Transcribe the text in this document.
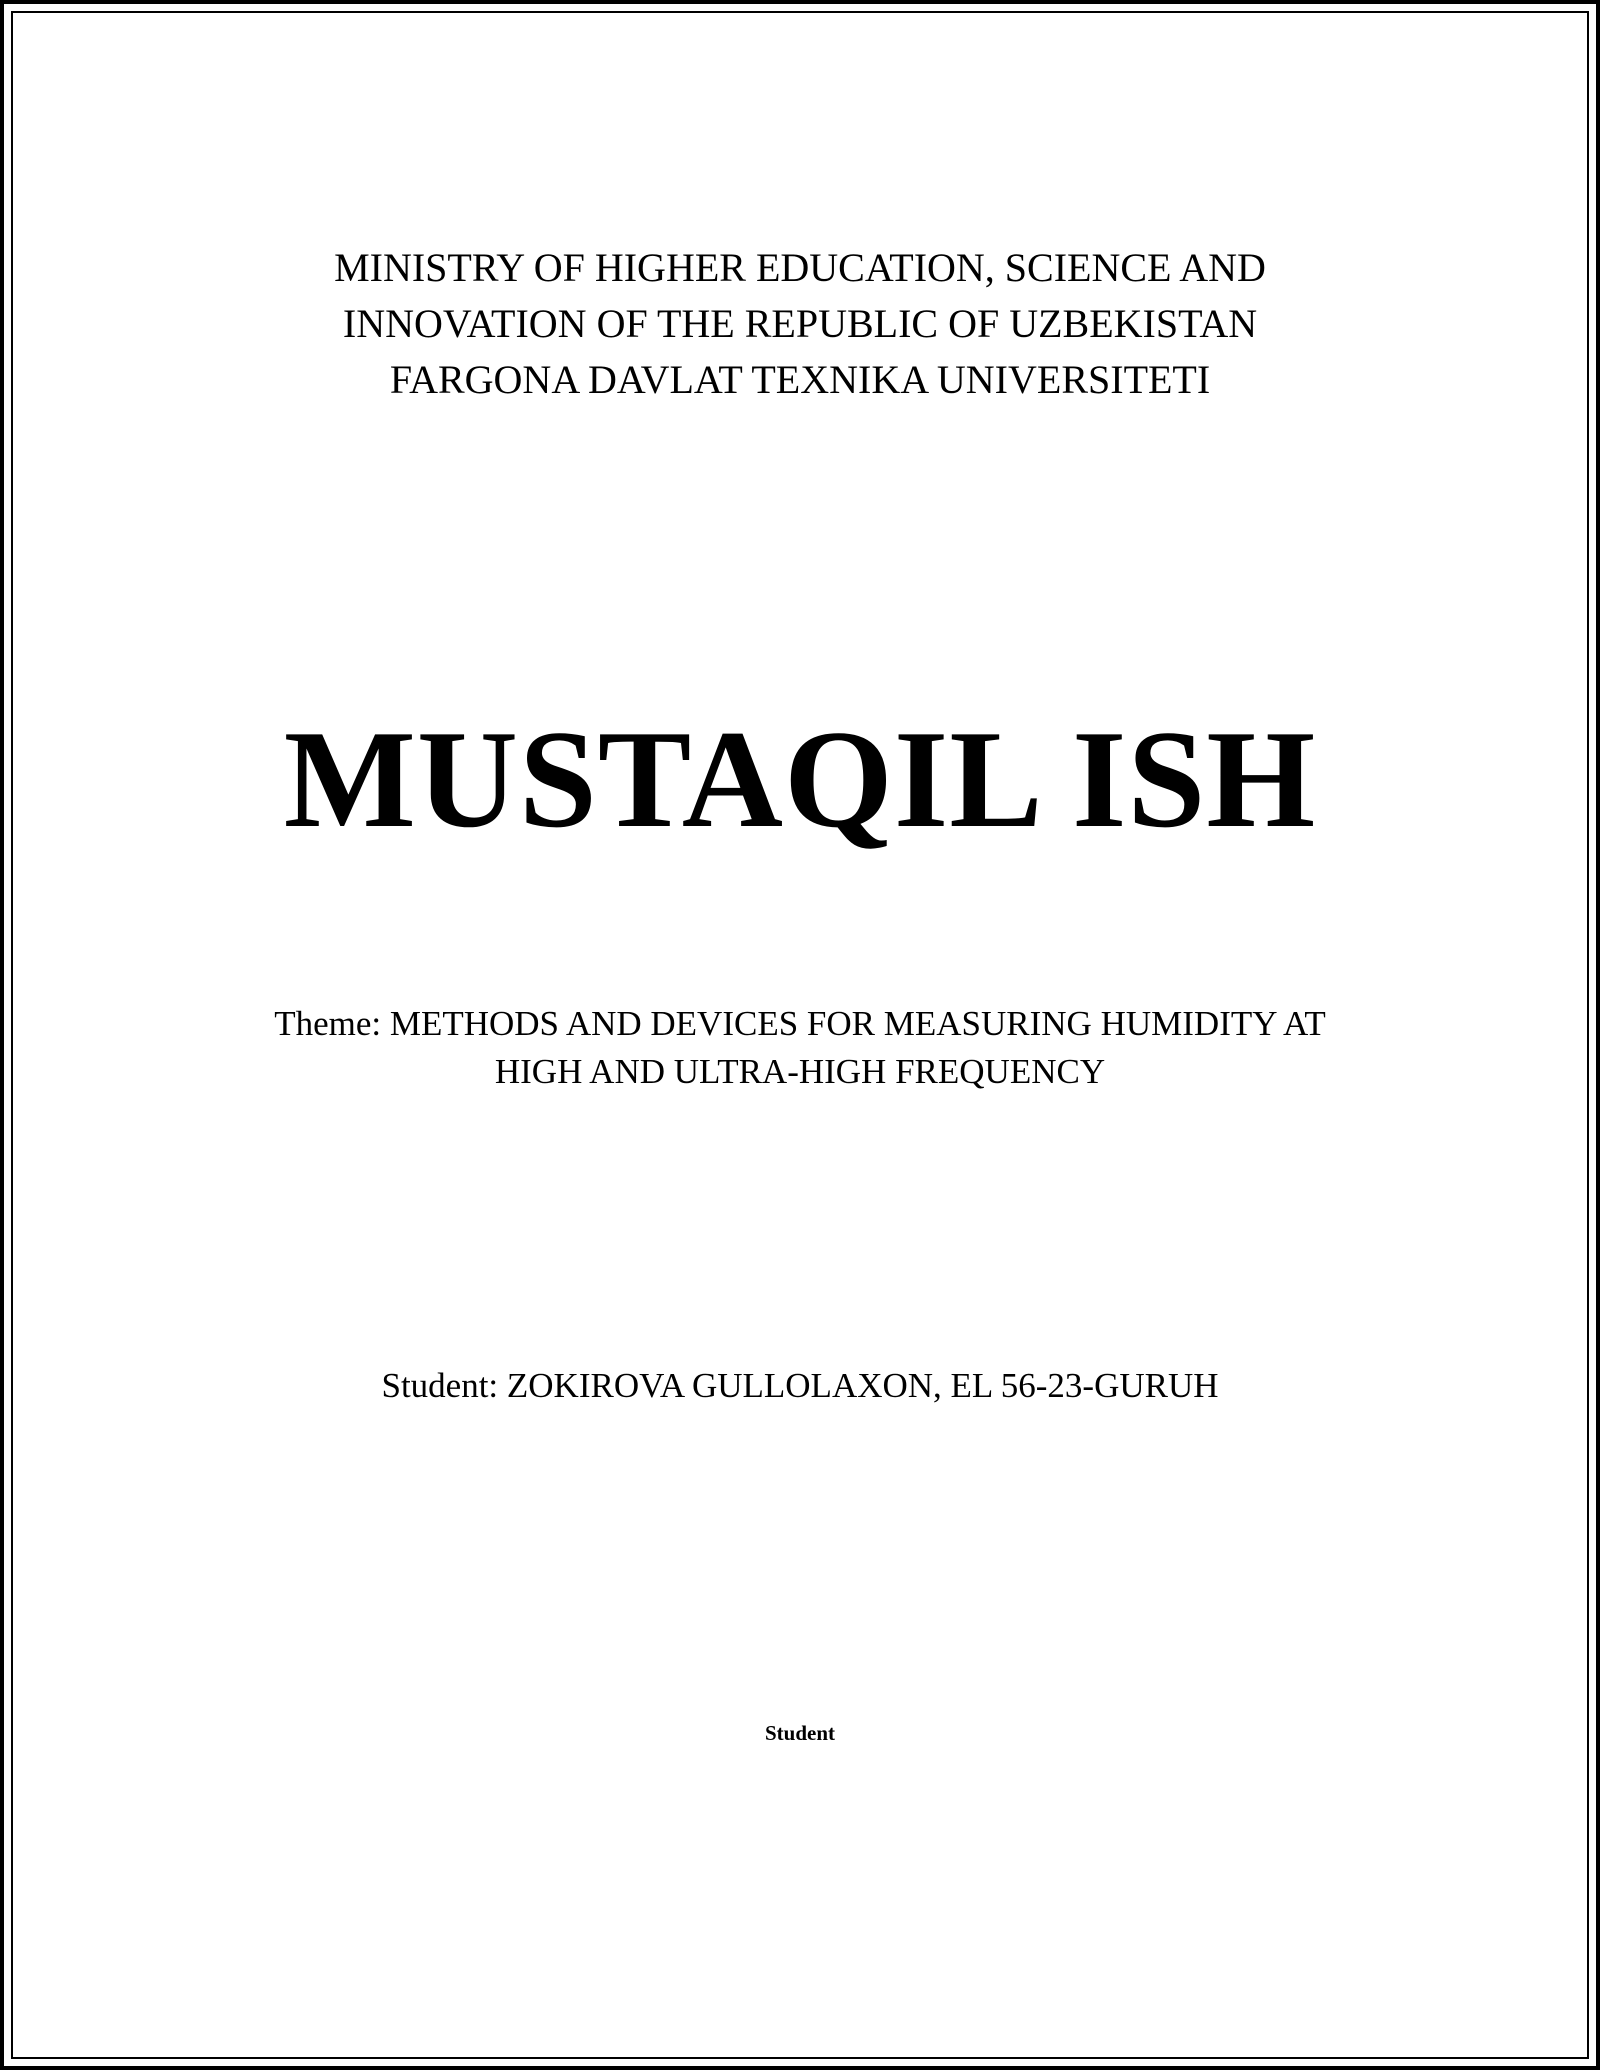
MINISTRY OF HIGHER EDUCATION, SCIENCE AND
INNOVATION OF THE REPUBLIC OF UZBEKISTAN
FARGONA DAVLAT TEXNIKA UNIVERSITETI
MUSTAQIL ISH
Theme: METHODS AND DEVICES FOR MEASURING HUMIDITY AT
HIGH AND ULTRA-HIGH FREQUENCY
Student: ZOKIROVA GULLOLAXON, EL 56-23-GURUH
Student
